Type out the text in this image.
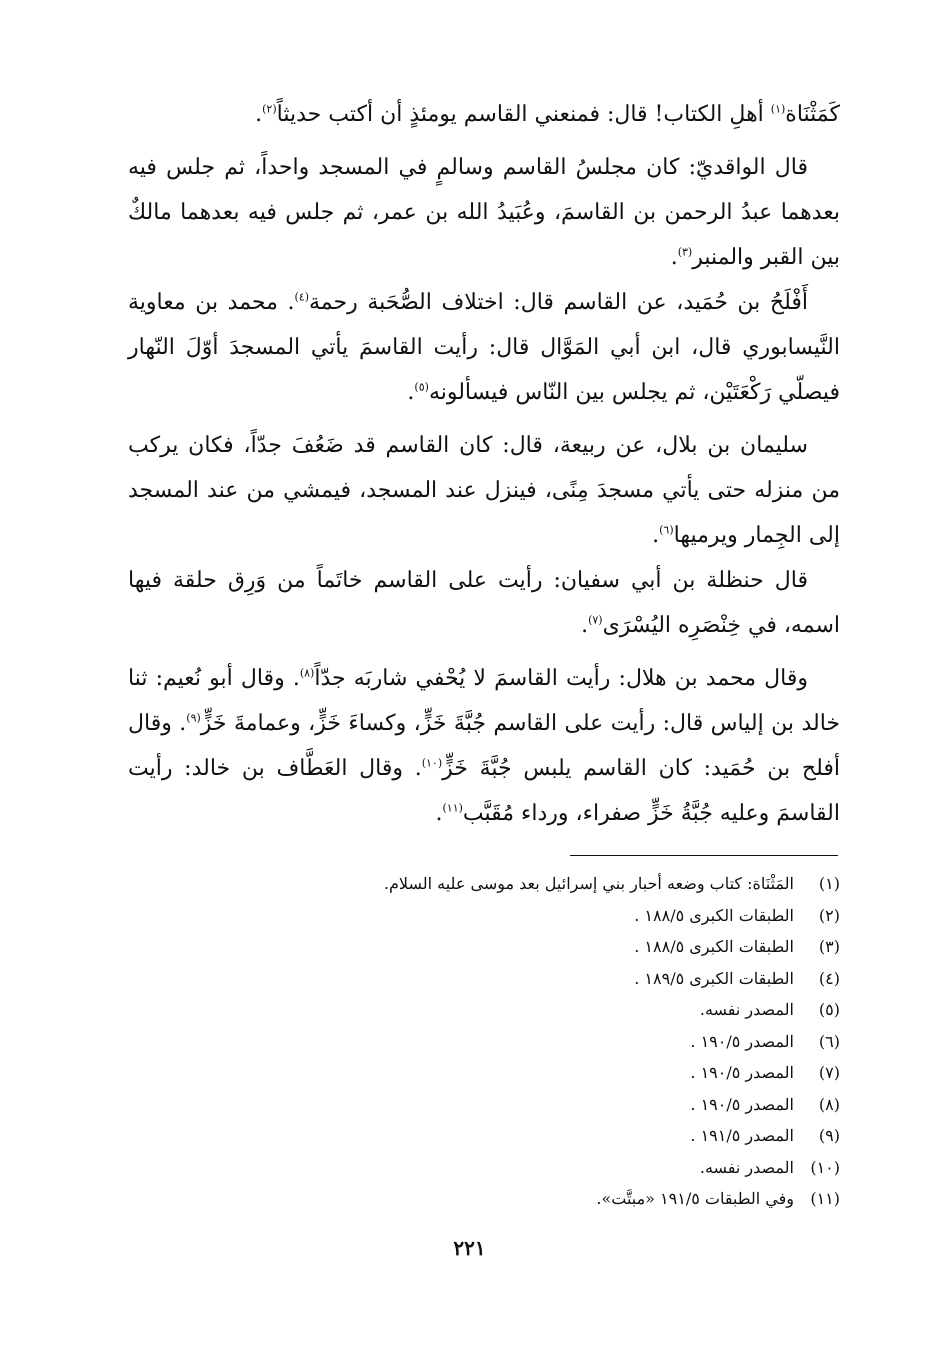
كَمَثْنَاة$^{(١)}$ أهلِ الكتاب! قال: فمنعني القاسم يومئذٍ أن أكتب حديثاً$^{(٢)}$.

قال الواقديّ: كان مجلسُ القاسم وسالمٍ في المسجد واحداً، ثم جلس فيه بعدهما عبدُ الرحمن بن القاسمَ، وعُبَيدُ الله بن عمر، ثم جلس فيه بعدهما مالكٌ بين القبر والمنبر$^{(٣)}$.

أَفْلَحُ بن حُمَيد، عن القاسم قال: اختلاف الصُّحَبة رحمة$^{(٤)}$. محمد بن معاوية النَّيسابوري قال، ابن أبي المَوَّال قال: رأيت القاسمَ يأتي المسجدَ أوّلَ النّهار فيصلّي رَكْعَتَيْن، ثم يجلس بين النّاس فيسألونه$^{(٥)}$.

سليمان بن بلال، عن ربيعة، قال: كان القاسم قد ضَعُفَ جدّاً، فكان يركب من منزله حتى يأتي مسجدَ مِنًى، فينزل عند المسجد، فيمشي من عند المسجد إلى الجِمار ويرميها$^{(٦)}$.

قال حنظلة بن أبي سفيان: رأيت على القاسم خاتَماً من وَرِق حلقة فيها اسمه، في خِنْصَرِه اليُسْرَى$^{(٧)}$.

وقال محمد بن هلال: رأيت القاسمَ لا يُحْفي شاربَه جدّاً$^{(٨)}$. وقال أبو نُعيم: ثنا خالد بن إلياس قال: رأيت على القاسم جُبَّةَ خَزٍّ، وكساءَ خَزٍّ، وعمامةَ خَزٍّ$^{(٩)}$. وقال أفلح بن حُمَيد: كان القاسم يلبس جُبَّةَ خَزٍّ$^{(١٠)}$. وقال العَطَّاف بن خالد: رأيت القاسمَ وعليه جُبَّةُ خَزٍّ صفراء، ورداء مُقَبَّب$^{(١١)}$.

(١)
المَثْنَاة: كتاب وضعه أحبار بني إسرائيل بعد موسى عليه السلام.
(٢)
الطبقات الكبرى ١٨٨/٥ .
(٣)
الطبقات الكبرى ١٨٨/٥ .
(٤)
الطبقات الكبرى ١٨٩/٥ .
(٥)
المصدر نفسه.
(٦)
المصدر ١٩٠/٥ .
(٧)
المصدر ١٩٠/٥ .
(٨)
المصدر ١٩٠/٥ .
(٩)
المصدر ١٩١/٥ .
(١٠)
المصدر نفسه.
(١١)
وفي الطبقات ١٩١/٥ «مبتَّت».
٢٢١
